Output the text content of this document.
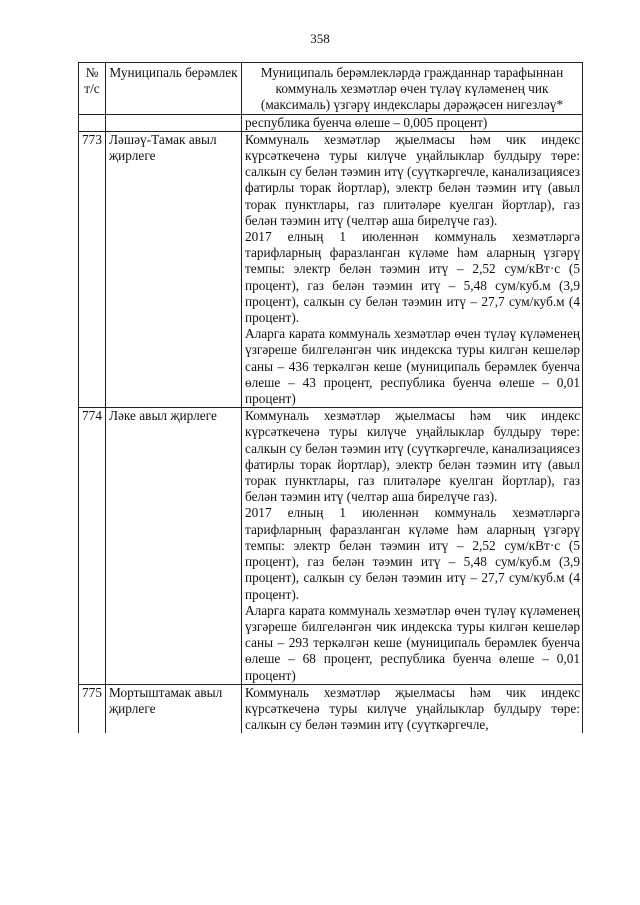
358
№ т/с	Муниципаль берәмлек	Муниципаль берәмлекләрдә гражданнар тарафыннан коммуналь хезмәтләр өчен түләү күләменең чик (максималь) үзгәрү индекслары дәрәҗәсен нигезләү*
		республика буенча өлеше – 0,005 процент)
773	Ләшәү-Тамак авыл җирлеге	Коммуналь хезмәтләр җыелмасы һәм чик индекс күрсәткеченә туры килүче уңайлыклар булдыру төре: салкын су белән тәэмин итү (суүткәргечле, канализациясез фатирлы торак йортлар), электр белән тәэмин итү (авыл торак пунктлары, газ плитәләре куелган йортлар), газ белән тәэмин итү (челтәр аша бирелүче газ).

2017 елның 1 июленнән коммуналь хезмәтләргә тарифларның фаразланган күләме һәм аларның үзгәрү темпы: электр белән тәэмин итү – 2,52 сум/кВт·с (5 процент), газ белән тәэмин итү – 5,48 сум/куб.м (3,9 процент), салкын су белән тәэмин итү – 27,7 сум/куб.м (4 процент).

Аларга карата коммуналь хезмәтләр өчен түләү күләменең үзгәреше билгеләнгән чик индекска туры килгән кешеләр саны – 436 теркәлгән кеше (муниципаль берәмлек буенча өлеше – 43 процент, республика буенча өлеше – 0,01 процент)

774	Ләке авыл җирлеге	Коммуналь хезмәтләр җыелмасы һәм чик индекс күрсәткеченә туры килүче уңайлыклар булдыру төре: салкын су белән тәэмин итү (суүткәргечле, канализациясез фатирлы торак йортлар), электр белән тәэмин итү (авыл торак пунктлары, газ плитәләре куелган йортлар), газ белән тәэмин итү (челтәр аша бирелүче газ).

2017 елның 1 июленнән коммуналь хезмәтләргә тарифларның фаразланган күләме һәм аларның үзгәрү темпы: электр белән тәэмин итү – 2,52 сум/кВт·с (5 процент), газ белән тәэмин итү – 5,48 сум/куб.м (3,9 процент), салкын су белән тәэмин итү – 27,7 сум/куб.м (4 процент).

Аларга карата коммуналь хезмәтләр өчен түләү күләменең үзгәреше билгеләнгән чик индекска туры килгән кешеләр саны – 293 теркәлгән кеше (муниципаль берәмлек буенча өлеше – 68 процент, республика буенча өлеше – 0,01 процент)

775	Мортыштамак авыл җирлеге	Коммуналь хезмәтләр җыелмасы һәм чик индекс күрсәткеченә туры килүче уңайлыклар булдыру төре: салкын су белән тәэмин итү (суүткәргечле,
